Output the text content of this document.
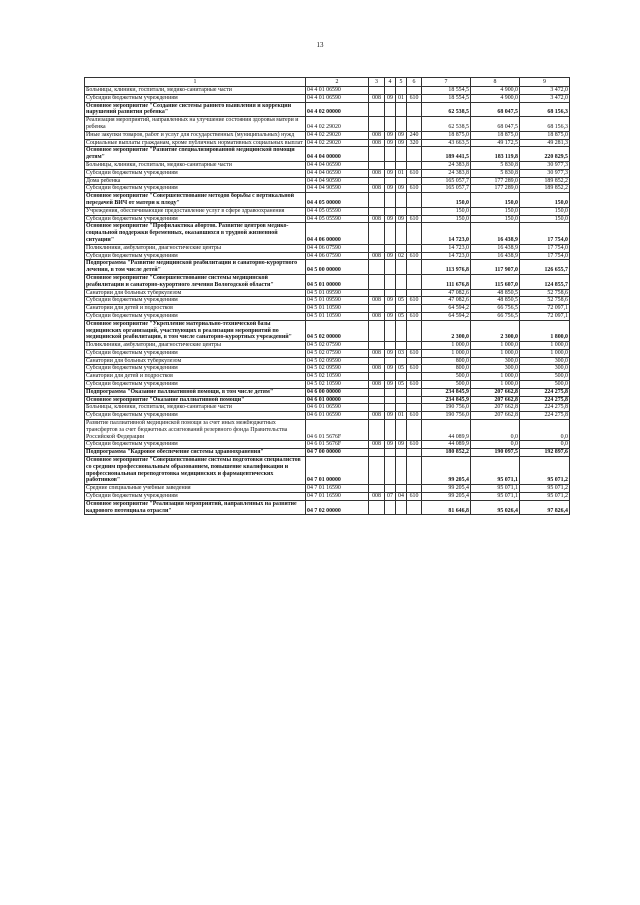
13
1	2	3	4	5	6	7	8	9
Больницы, клиники, госпитали, медико-санитарные части	04 4 01 06590					18 554,5	4 900,0	3 472,0
Субсидии бюджетным учреждениям	04 4 01 06590	008	09	01	610	18 554,5	4 900,0	3 472,0
Основное мероприятие "Создание системы раннего выявления и коррекции нарушений развития ребенка"	04 4 02 00000					62 538,5	68 047,5	68 156,3
Реализация мероприятий, направленных на улучшение состояния здоровья матери и ребенка	04 4 02 29020					62 538,5	68 047,5	68 156,3
Иные закупки товаров, работ и услуг для государственных (муниципальных) нужд	04 4 02 29020	008	09	09	240	18 875,0	18 875,0	18 875,0
Социальные выплаты гражданам, кроме публичных нормативных социальных выплат	04 4 02 29020	008	09	09	320	43 663,5	49 172,5	49 281,3
Основное мероприятие "Развитие специализированной медицинской помощи детям"	04 4 04 00000					189 441,5	183 119,8	220 829,5
Больницы, клиники, госпитали, медико-санитарные части	04 4 04 06590					24 383,8	5 830,8	30 977,3
Субсидии бюджетным учреждениям	04 4 04 06590	008	09	01	610	24 383,8	5 830,8	30 977,3
Дома ребенка	04 4 04 90590					165 057,7	177 289,0	189 852,2
Субсидии бюджетным учреждениям	04 4 04 90590	008	09	09	610	165 057,7	177 289,0	189 852,2
Основное мероприятие "Совершенствование методов борьбы с вертикальной передачей ВИЧ от матери к плоду"	04 4 05 00000					150,0	150,0	150,0
Учреждения, обеспечивающие предоставление услуг в сфере здравоохранения	04 4 05 05590					150,0	150,0	150,0
Субсидии бюджетным учреждениям	04 4 05 05590	008	09	09	610	150,0	150,0	150,0
Основное мероприятие "Профилактика абортов. Развитие центров медико-социальной поддержки беременных, оказавшихся в трудной жизненной ситуации"	04 4 06 00000					14 723,0	16 438,9	17 754,0
Поликлиники, амбулатории, диагностические центры	04 4 06 07590					14 723,0	16 438,9	17 754,0
Субсидии бюджетным учреждениям	04 4 06 07590	008	09	02	610	14 723,0	16 438,9	17 754,0
Подпрограмма "Развитие медицинской реабилитации и санаторно-курортного лечения, в том числе детей"	04 5 00 00000					113 976,8	117 907,0	126 655,7
Основное мероприятие "Совершенствование системы медицинской реабилитации и санаторно-курортного лечения Вологодской области"	04 5 01 00000					111 676,8	115 607,0	124 855,7
Санатории для больных туберкулезом	04 5 01 09590					47 082,6	48 850,5	52 758,6
Субсидии бюджетным учреждениям	04 5 01 09590	008	09	05	610	47 082,6	48 850,5	52 758,6
Санатории для детей и подростков	04 5 01 10590					64 594,2	66 756,5	72 097,1
Субсидии бюджетным учреждениям	04 5 01 10590	008	09	05	610	64 594,2	66 756,5	72 097,1
Основное мероприятие "Укрепление материально-технической базы медицинских организаций, участвующих в реализации мероприятий по медицинской реабилитации, в том числе санаторно-курортных учреждений"	04 5 02 00000					2 300,0	2 300,0	1 800,0
Поликлиники, амбулатории, диагностические центры	04 5 02 07590					1 000,0	1 000,0	1 000,0
Субсидии бюджетным учреждениям	04 5 02 07590	008	09	03	610	1 000,0	1 000,0	1 000,0
Санатории для больных туберкулезом	04 5 02 09590					800,0	300,0	300,0
Субсидии бюджетным учреждениям	04 5 02 09590	008	09	05	610	800,0	300,0	300,0
Санатории для детей и подростков	04 5 02 10590					500,0	1 000,0	500,0
Субсидии бюджетным учреждениям	04 5 02 10590	008	09	05	610	500,0	1 000,0	500,0
Подпрограмма "Оказание паллиативной помощи, в том числе детям"	04 6 00 00000					234 845,9	207 662,8	224 275,8
Основное мероприятие "Оказание паллиативной помощи"	04 6 01 00000					234 845,9	207 662,8	224 275,8
Больницы, клиники, госпитали, медико-санитарные части	04 6 01 06590					190 756,0	207 662,8	224 275,8
Субсидии бюджетным учреждениям	04 6 01 06590	008	09	01	610	190 756,0	207 662,8	224 275,8
Развитие паллиативной медицинской помощи за счет иных межбюджетных трансфертов за счет бюджетных ассигнований резервного фонда Правительства Российской Федерации	04 6 01 5676F					44 089,9	0,0	0,0
Субсидии бюджетным учреждениям	04 6 01 5676F	008	09	09	610	44 089,9	0,0	0,0
Подпрограмма "Кадровое обеспечение системы здравоохранения"	04 7 00 00000					180 852,2	190 097,5	192 897,6
Основное мероприятие "Совершенствование системы подготовки специалистов со средним профессиональным образованием, повышение квалификации и профессиональная переподготовка медицинских и фармацевтических работников"	04 7 01 00000					99 205,4	95 071,1	95 071,2
Средние специальные учебные заведения	04 7 01 16590					99 205,4	95 071,1	95 071,2
Субсидии бюджетным учреждениям	04 7 01 16590	008	07	04	610	99 205,4	95 071,1	95 071,2
Основное мероприятие "Реализация мероприятий, направленных на развитие кадрового потенциала отрасли"	04 7 02 00000					81 646,8	95 026,4	97 826,4
